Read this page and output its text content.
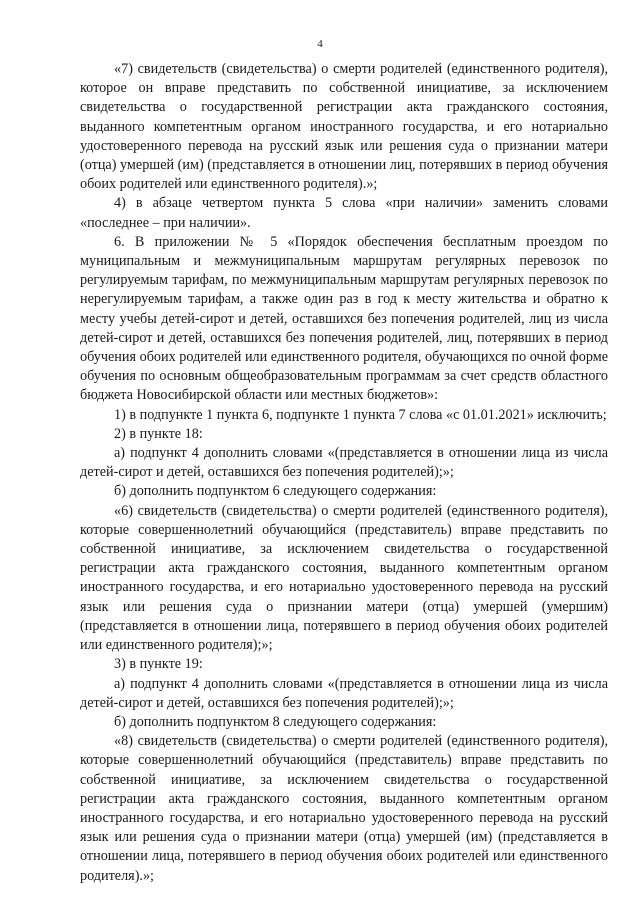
4

«7) свидетельств (свидетельства) о смерти родителей (единственного родителя), которое он вправе представить по собственной инициативе, за исключением свидетельства о государственной регистрации акта гражданского состояния, выданного компетентным органом иностранного государства, и его нотариально удостоверенного перевода на русский язык или решения суда о признании матери (отца) умершей (им) (представляется в отношении лиц, потерявших в период обучения обоих родителей или единственного родителя).»;

4) в абзаце четвертом пункта 5 слова «при наличии» заменить словами «последнее – при наличии».

6. В приложении № 5 «Порядок обеспечения бесплатным проездом по муниципальным и межмуниципальным маршрутам регулярных перевозок по регулируемым тарифам, по межмуниципальным маршрутам регулярных перевозок по нерегулируемым тарифам, а также один раз в год к месту жительства и обратно к месту учебы детей-сирот и детей, оставшихся без попечения родителей, лиц из числа детей-сирот и детей, оставшихся без попечения родителей, лиц, потерявших в период обучения обоих родителей или единственного родителя, обучающихся по очной форме обучения по основным общеобразовательным программам за счет средств областного бюджета Новосибирской области или местных бюджетов»:

1) в подпункте 1 пункта 6, подпункте 1 пункта 7 слова «с 01.01.2021» исключить;

2) в пункте 18:

а) подпункт 4 дополнить словами «(представляется в отношении лица из числа детей-сирот и детей, оставшихся без попечения родителей);»;

б) дополнить подпунктом 6 следующего содержания:

«6) свидетельств (свидетельства) о смерти родителей (единственного родителя), которые совершеннолетний обучающийся (представитель) вправе представить по собственной инициативе, за исключением свидетельства о государственной регистрации акта гражданского состояния, выданного компетентным органом иностранного государства, и его нотариально удостоверенного перевода на русский язык или решения суда о признании матери (отца) умершей (умершим) (представляется в отношении лица, потерявшего в период обучения обоих родителей или единственного родителя);»;

3) в пункте 19:

а) подпункт 4 дополнить словами «(представляется в отношении лица из числа детей-сирот и детей, оставшихся без попечения родителей);»;

б) дополнить подпунктом 8 следующего содержания:

«8) свидетельств (свидетельства) о смерти родителей (единственного родителя), которые совершеннолетний обучающийся (представитель) вправе представить по собственной инициативе, за исключением свидетельства о государственной регистрации акта гражданского состояния, выданного компетентным органом иностранного государства, и его нотариально удостоверенного перевода на русский язык или решения суда о признании матери (отца) умершей (им) (представляется в отношении лица, потерявшего в период обучения обоих родителей или единственного родителя).»;
